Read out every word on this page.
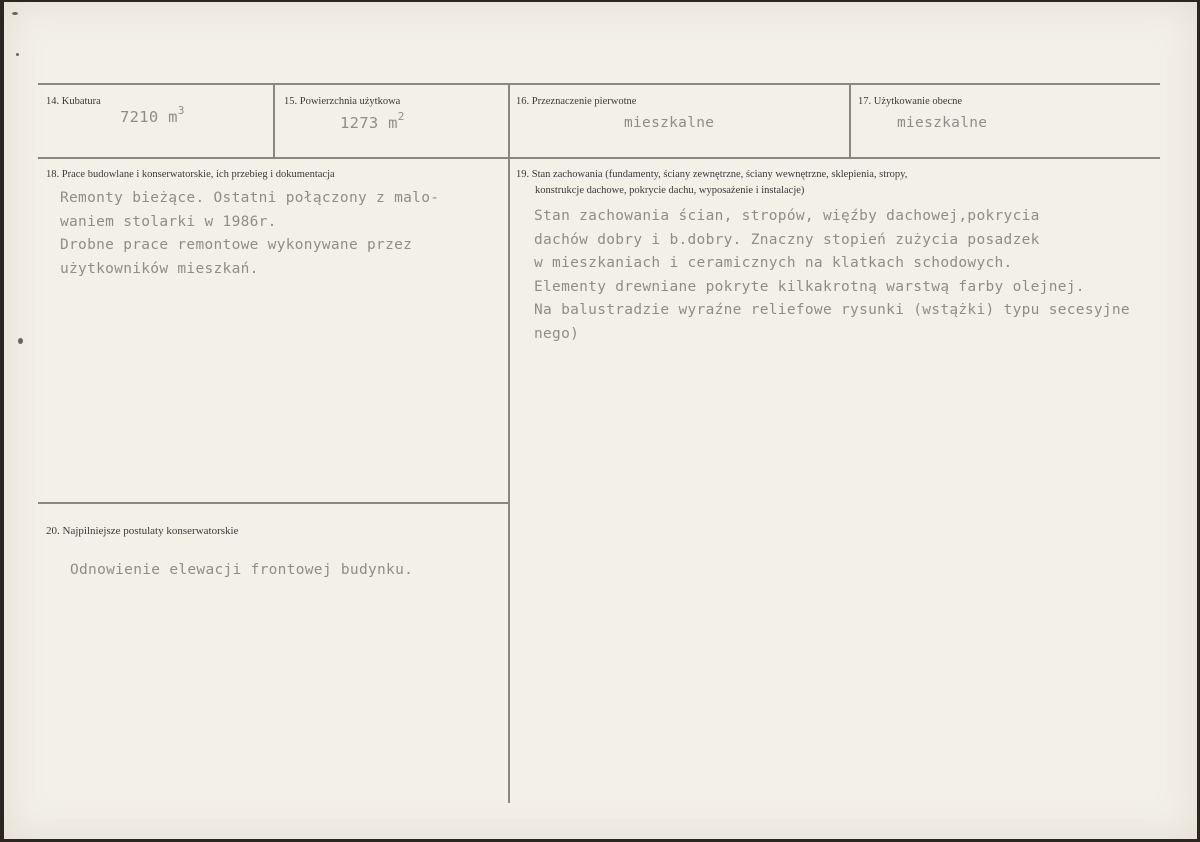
14. Kubatura
7210 $m^3$
15. Powierzchnia użytkowa
1273 $m^2$
16. Przeznaczenie pierwotne
mieszkalne
17. Użytkowanie obecne
mieszkalne
18. Prace budowlane i konserwatorskie, ich przebieg i dokumentacja
Remonty bieżące. Ostatni połączony z malo-
waniem stolarki w 1986r.
Drobne prace remontowe wykonywane przez
użytkowników mieszkań.
19. Stan zachowania (fundamenty, ściany zewnętrzne, ściany wewnętrzne, sklepienia, stropy,
konstrukcje dachowe, pokrycie dachu, wyposażenie i instalacje)
Stan zachowania ścian, stropów, więźby dachowej,pokrycia
dachów dobry i b.dobry. Znaczny stopień zużycia posadzek
w mieszkaniach i ceramicznych na klatkach schodowych.
Elementy drewniane pokryte kilkakrotną warstwą farby olejnej.
Na balustradzie wyraźne reliefowe rysunki (wstążki) typu secesyjne
nego)
20. Najpilniejsze postulaty konserwatorskie
Odnowienie elewacji frontowej budynku.
